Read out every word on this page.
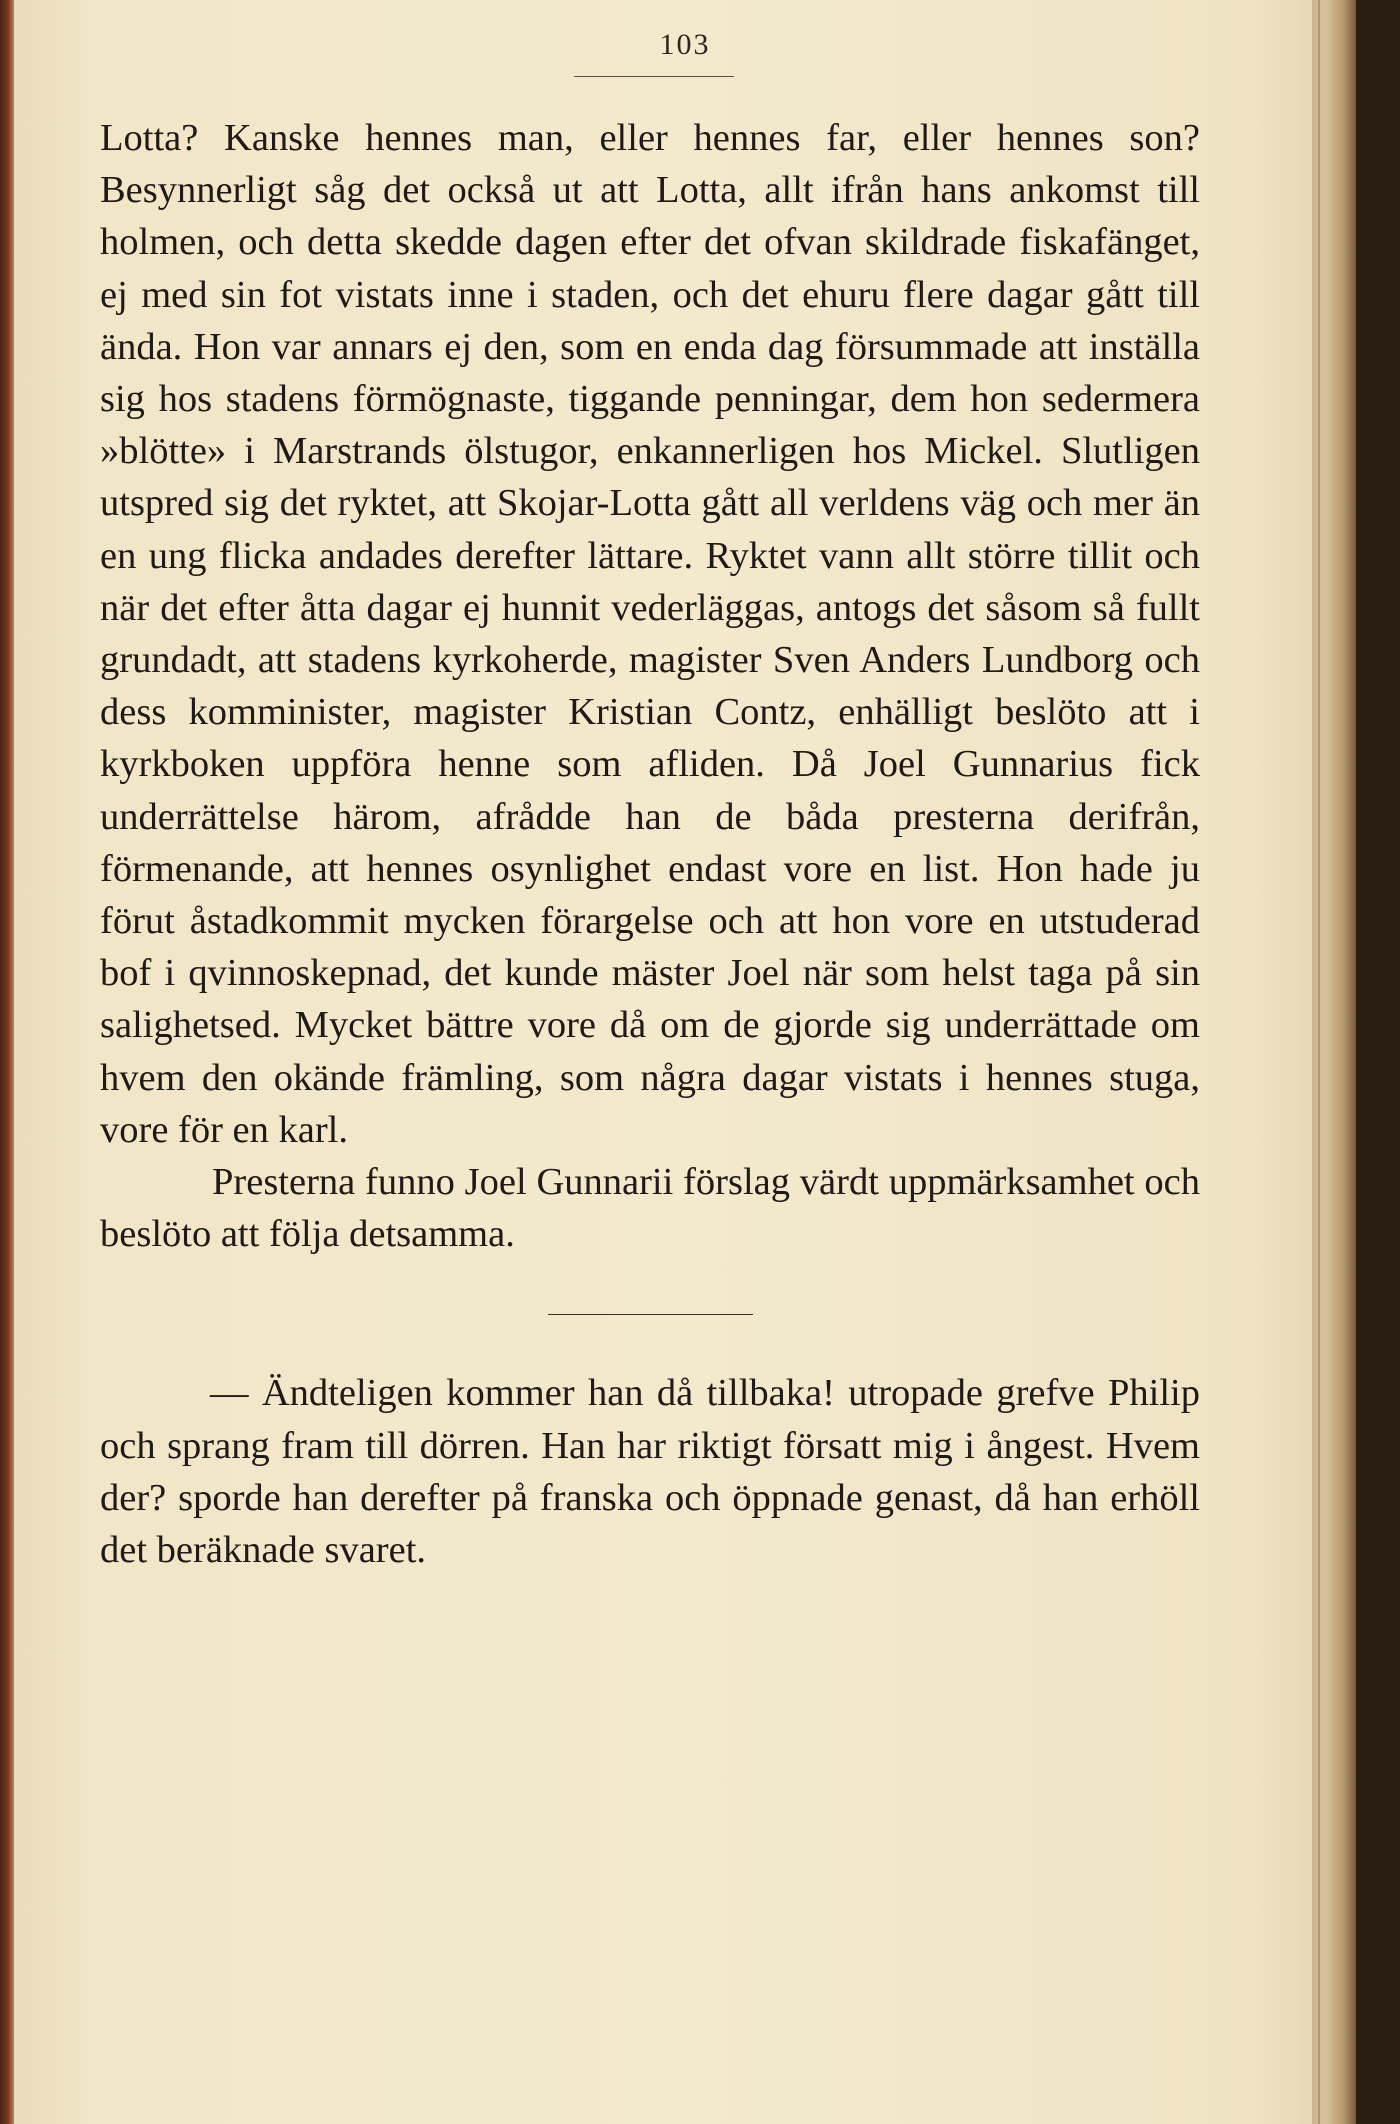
103

Lotta? Kanske hennes man, eller hennes far, eller hennes son? Besynnerligt såg det också ut att Lotta, allt ifrån hans ankomst till holmen, och detta skedde dagen efter det ofvan skildrade fiskafänget, ej med sin fot vistats inne i staden, och det ehuru flere dagar gått till ända. Hon var annars ej den, som en enda dag försummade att inställa sig hos stadens förmögnaste, tiggande penningar, dem hon sedermera »blötte» i Marstrands ölstugor, enkannerligen hos Mickel. Slutligen utspred sig det ryktet, att Skojar-Lotta gått all verldens väg och mer än en ung flicka andades derefter lättare. Ryktet vann allt större tillit och när det efter åtta dagar ej hunnit vederläggas, antogs det såsom så fullt grundadt, att stadens kyrkoherde, magister Sven Anders Lundborg och dess komminister, magister Kristian Contz, enhälligt beslöto att i kyrkboken uppföra henne som afliden. Då Joel Gunnarius fick underrättelse härom, afrådde han de båda presterna derifrån, förmenande, att hennes osynlighet endast vore en list. Hon hade ju förut åstadkommit mycken förargelse och att hon vore en utstuderad bof i qvinnoskepnad, det kunde mäster Joel när som helst taga på sin salighetsed. Mycket bättre vore då om de gjorde sig underrättade om hvem den okände främling, som några dagar vistats i hennes stuga, vore för en karl.

Presterna funno Joel Gunnarii förslag värdt uppmärksamhet och beslöto att följa detsamma.

— Ändteligen kommer han då tillbaka! utropade grefve Philip och sprang fram till dörren. Han har riktigt försatt mig i ångest. Hvem der? sporde han derefter på franska och öppnade genast, då han erhöll det beräknade svaret.
